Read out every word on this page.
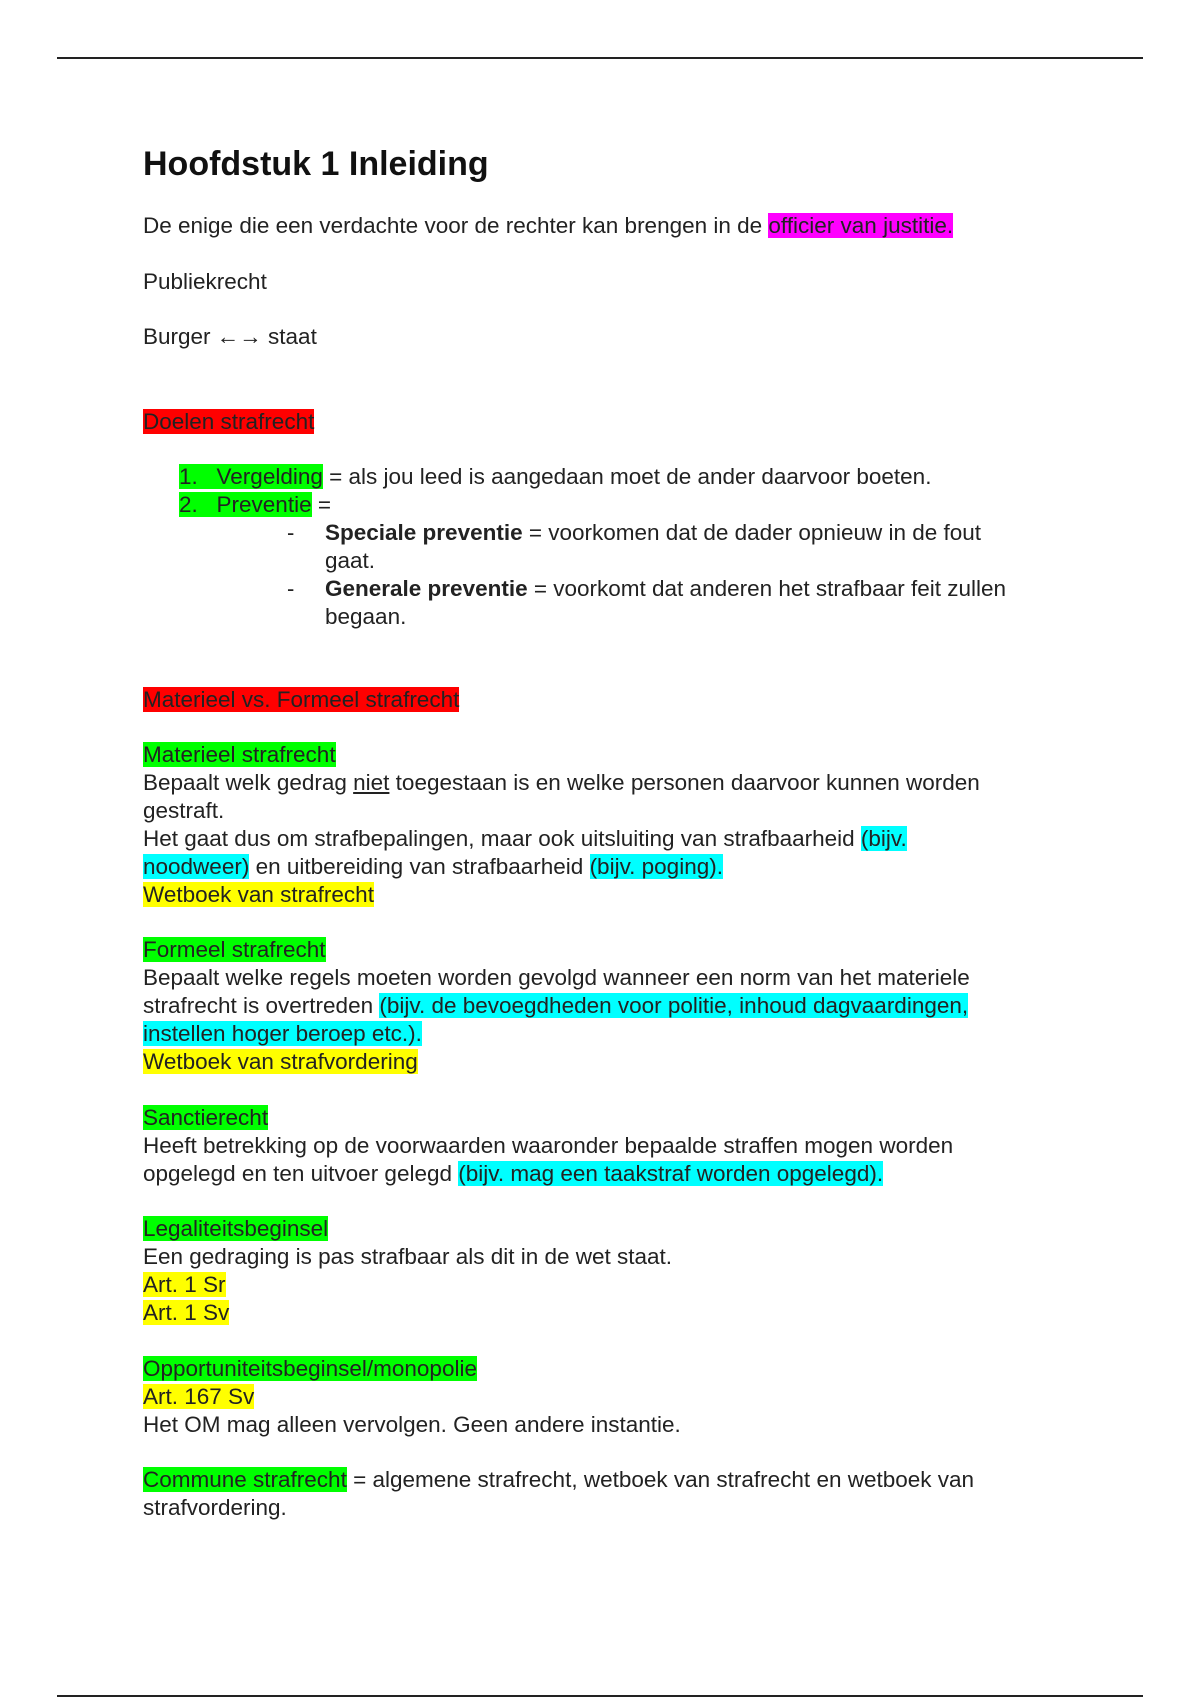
Hoofdstuk 1 Inleiding
De enige die een verdachte voor de rechter kan brengen in de officier van justitie.
Publiekrecht
Burger ←→ staat
Doelen strafrecht
1. Vergelding = als jou leed is aangedaan moet de ander daarvoor boeten.
2. Preventie =
- Speciale preventie = voorkomen dat de dader opnieuw in de fout
gaat.
- Generale preventie = voorkomt dat anderen het strafbaar feit zullen
begaan.
Materieel vs. Formeel strafrecht
Materieel strafrecht
Bepaalt welk gedrag niet toegestaan is en welke personen daarvoor kunnen worden
gestraft.
Het gaat dus om strafbepalingen, maar ook uitsluiting van strafbaarheid (bijv.
noodweer) en uitbereiding van strafbaarheid (bijv. poging).
Wetboek van strafrecht
Formeel strafrecht
Bepaalt welke regels moeten worden gevolgd wanneer een norm van het materiele
strafrecht is overtreden (bijv. de bevoegdheden voor politie, inhoud dagvaardingen,
instellen hoger beroep etc.).
Wetboek van strafvordering
Sanctierecht
Heeft betrekking op de voorwaarden waaronder bepaalde straffen mogen worden
opgelegd en ten uitvoer gelegd (bijv. mag een taakstraf worden opgelegd).
Legaliteitsbeginsel
Een gedraging is pas strafbaar als dit in de wet staat.
Art. 1 Sr
Art. 1 Sv
Opportuniteitsbeginsel/monopolie
Art. 167 Sv
Het OM mag alleen vervolgen. Geen andere instantie.
Commune strafrecht = algemene strafrecht, wetboek van strafrecht en wetboek van
strafvordering.
